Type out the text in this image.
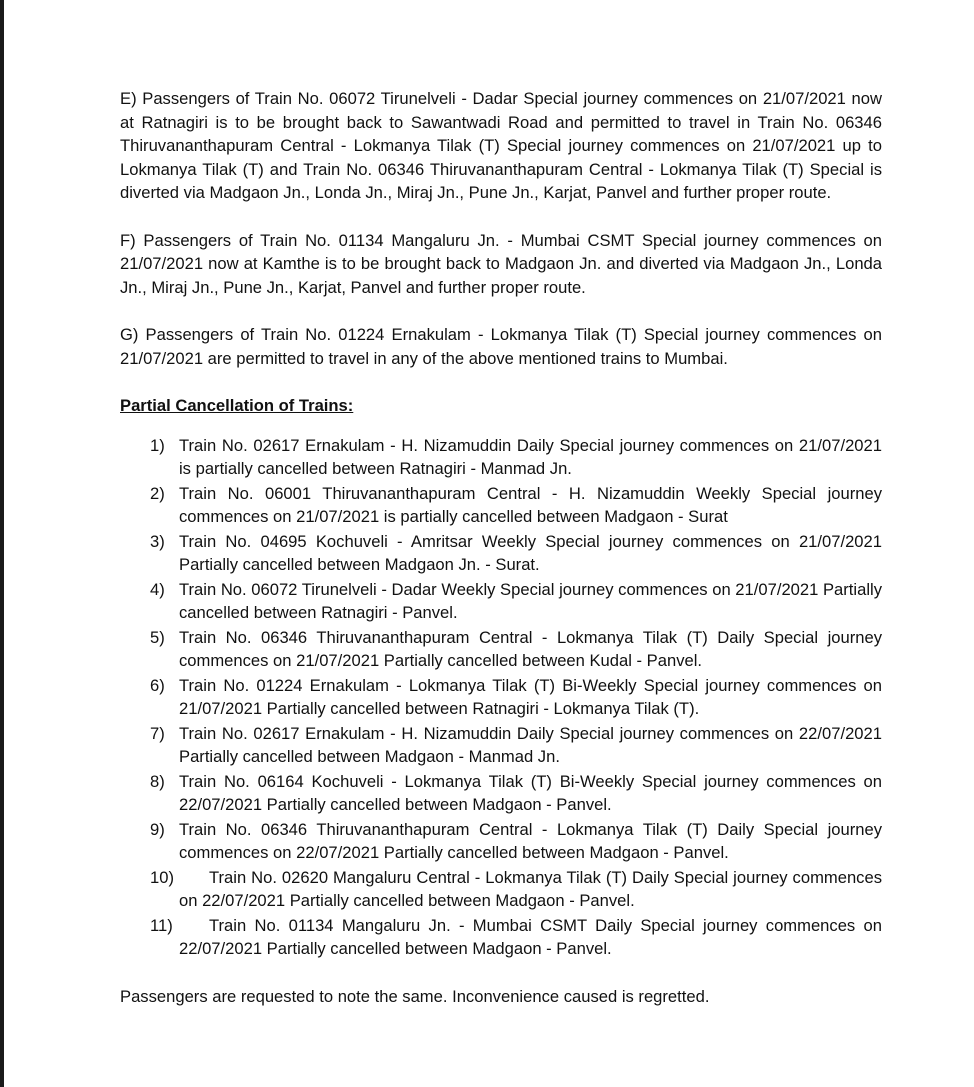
E) Passengers of Train No. 06072 Tirunelveli - Dadar Special journey commences on 21/07/2021 now at Ratnagiri is to be brought back to Sawantwadi Road and permitted to travel in Train No. 06346 Thiruvananthapuram Central - Lokmanya Tilak (T) Special journey commences on 21/07/2021 up to Lokmanya Tilak (T) and Train No. 06346 Thiruvananthapuram Central - Lokmanya Tilak (T) Special is diverted via Madgaon Jn., Londa Jn., Miraj Jn., Pune Jn., Karjat, Panvel and further proper route.

F) Passengers of Train No. 01134 Mangaluru Jn. - Mumbai CSMT Special journey commences on 21/07/2021 now at Kamthe is to be brought back to Madgaon Jn. and diverted via Madgaon Jn., Londa Jn., Miraj Jn., Pune Jn., Karjat, Panvel and further proper route.

G) Passengers of Train No. 01224 Ernakulam - Lokmanya Tilak (T) Special journey commences on 21/07/2021 are permitted to travel in any of the above mentioned trains to Mumbai.

Partial Cancellation of Trains:
1) Train No. 02617 Ernakulam - H. Nizamuddin Daily Special journey commences on 21/07/2021 is partially cancelled between Ratnagiri - Manmad Jn.
2) Train No. 06001 Thiruvananthapuram Central - H. Nizamuddin Weekly Special journey commences on 21/07/2021 is partially cancelled between Madgaon - Surat
3) Train No. 04695 Kochuveli - Amritsar Weekly Special journey commences on 21/07/2021 Partially cancelled between Madgaon Jn. - Surat.
4) Train No. 06072 Tirunelveli - Dadar Weekly Special journey commences on 21/07/2021 Partially cancelled between Ratnagiri - Panvel.
5) Train No. 06346 Thiruvananthapuram Central - Lokmanya Tilak (T) Daily Special journey commences on 21/07/2021 Partially cancelled between Kudal - Panvel.
6) Train No. 01224 Ernakulam - Lokmanya Tilak (T) Bi-Weekly Special journey commences on 21/07/2021 Partially cancelled between Ratnagiri - Lokmanya Tilak (T).
7) Train No. 02617 Ernakulam - H. Nizamuddin Daily Special journey commences on 22/07/2021 Partially cancelled between Madgaon - Manmad Jn.
8) Train No. 06164 Kochuveli - Lokmanya Tilak (T) Bi-Weekly Special journey commences on 22/07/2021 Partially cancelled between Madgaon - Panvel.
9) Train No. 06346 Thiruvananthapuram Central - Lokmanya Tilak (T) Daily Special journey commences on 22/07/2021 Partially cancelled between Madgaon - Panvel.
10) Train No. 02620 Mangaluru Central - Lokmanya Tilak (T) Daily Special journey commences on 22/07/2021 Partially cancelled between Madgaon - Panvel.
11) Train No. 01134 Mangaluru Jn. - Mumbai CSMT Daily Special journey commences on 22/07/2021 Partially cancelled between Madgaon - Panvel.

Passengers are requested to note the same. Inconvenience caused is regretted.
